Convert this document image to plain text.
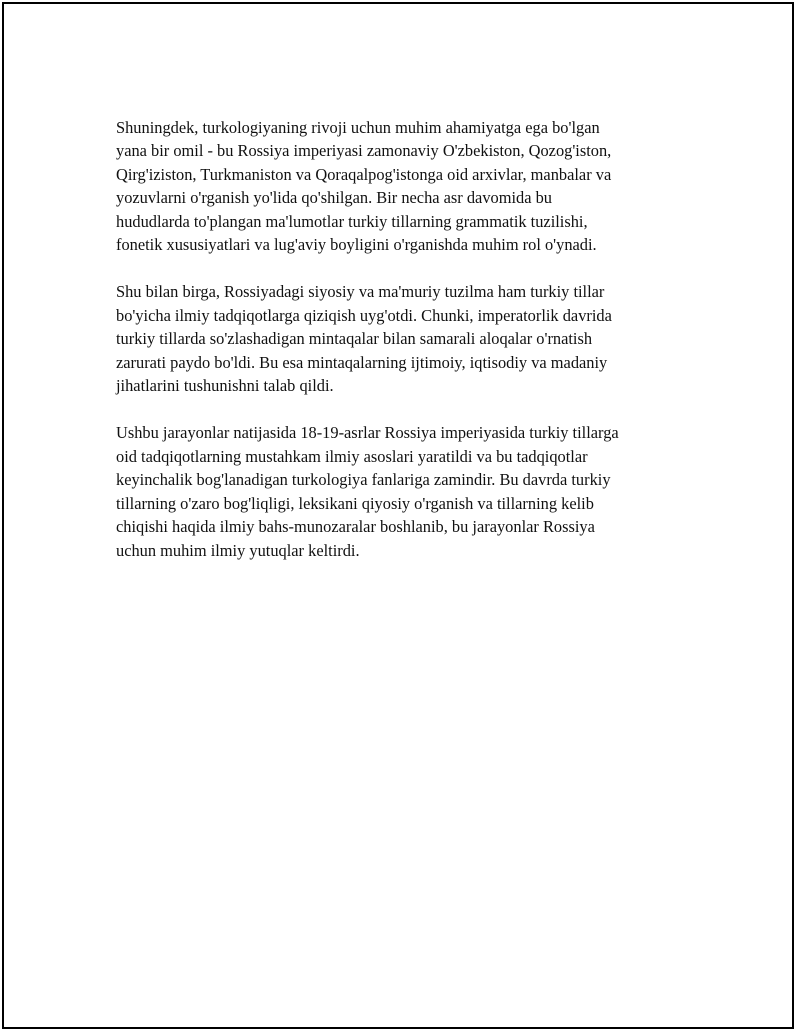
Shuningdek, turkologiyaning rivoji uchun muhim ahamiyatga ega bo'lgan
yana bir omil - bu Rossiya imperiyasi zamonaviy O'zbekiston, Qozog'iston,
Qirg'iziston, Turkmaniston va Qoraqalpog'istonga oid arxivlar, manbalar va
yozuvlarni o'rganish yo'lida qo'shilgan. Bir necha asr davomida bu
hududlarda to'plangan ma'lumotlar turkiy tillarning grammatik tuzilishi,
fonetik xususiyatlari va lug'aviy boyligini o'rganishda muhim rol o'ynadi.

Shu bilan birga, Rossiyadagi siyosiy va ma'muriy tuzilma ham turkiy tillar
bo'yicha ilmiy tadqiqotlarga qiziqish uyg'otdi. Chunki, imperatorlik davrida
turkiy tillarda so'zlashadigan mintaqalar bilan samarali aloqalar o'rnatish
zarurati paydo bo'ldi. Bu esa mintaqalarning ijtimoiy, iqtisodiy va madaniy
jihatlarini tushunishni talab qildi.

Ushbu jarayonlar natijasida 18-19-asrlar Rossiya imperiyasida turkiy tillarga
oid tadqiqotlarning mustahkam ilmiy asoslari yaratildi va bu tadqiqotlar
keyinchalik bog'lanadigan turkologiya fanlariga zamindir. Bu davrda turkiy
tillarning o'zaro bog'liqligi, leksikani qiyosiy o'rganish va tillarning kelib
chiqishi haqida ilmiy bahs-munozaralar boshlanib, bu jarayonlar Rossiya
uchun muhim ilmiy yutuqlar keltirdi.
